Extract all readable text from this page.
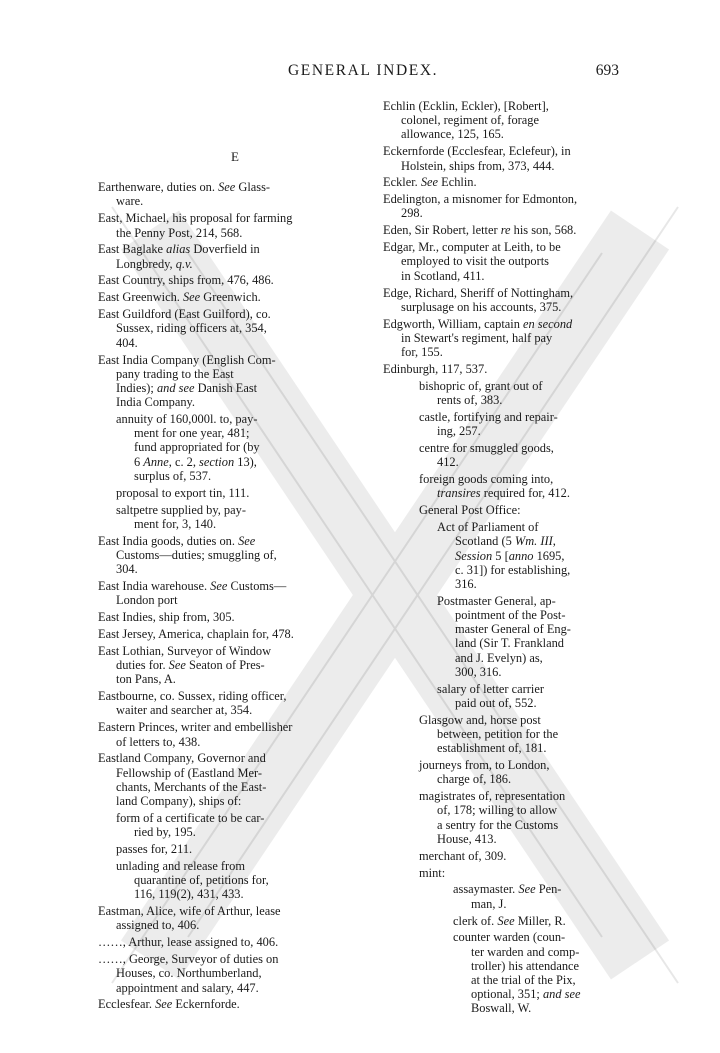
GENERAL INDEX.	693
E

Earthenware, duties on. See Glass-
ware.

East, Michael, his proposal for farming
the Penny Post, 214, 568.

East Baglake alias Doverfield in
Longbredy, q.v.

East Country, ships from, 476, 486.

East Greenwich. See Greenwich.

East Guildford (East Guilford), co.
Sussex, riding officers at, 354,
404.

East India Company (English Com-
pany trading to the East
Indies); and see Danish East
India Company.

annuity of 160,000l. to, pay-
ment for one year, 481;
fund appropriated for (by
6 Anne, c. 2, section 13),
surplus of, 537.

proposal to export tin, 111.

saltpetre supplied by, pay-
ment for, 3, 140.

East India goods, duties on. See
Customs—duties; smuggling of,
304.

East India warehouse. See Customs—
London port

East Indies, ship from, 305.

East Jersey, America, chaplain for, 478.

East Lothian, Surveyor of Window
duties for. See Seaton of Pres-
ton Pans, A.

Eastbourne, co. Sussex, riding officer,
waiter and searcher at, 354.

Eastern Princes, writer and embellisher
of letters to, 438.

Eastland Company, Governor and
Fellowship of (Eastland Mer-
chants, Merchants of the East-
land Company), ships of:

form of a certificate to be car-
ried by, 195.

passes for, 211.

unlading and release from
quarantine of, petitions for,
116, 119(2), 431, 433.

Eastman, Alice, wife of Arthur, lease
assigned to, 406.

……, Arthur, lease assigned to, 406.

……, George, Surveyor of duties on
Houses, co. Northumberland,
appointment and salary, 447.

Ecclesfear. See Eckernforde.

Echlin (Ecklin, Eckler), [Robert],
colonel, regiment of, forage
allowance, 125, 165.

Eckernforde (Ecclesfear, Eclefeur), in
Holstein, ships from, 373, 444.

Eckler. See Echlin.

Edelington, a misnomer for Edmonton,
298.

Eden, Sir Robert, letter re his son, 568.

Edgar, Mr., computer at Leith, to be
employed to visit the outports
in Scotland, 411.

Edge, Richard, Sheriff of Nottingham,
surplusage on his accounts, 375.

Edgworth, William, captain en second
in Stewart's regiment, half pay
for, 155.

Edinburgh, 117, 537.

bishopric of, grant out of
rents of, 383.

castle, fortifying and repair-
ing, 257.

centre for smuggled goods,
412.

foreign goods coming into,
transires required for, 412.

General Post Office:

Act of Parliament of
Scotland (5 Wm. III,
Session 5 [anno 1695,
c. 31]) for establishing,
316.

Postmaster General, ap-
pointment of the Post-
master General of Eng-
land (Sir T. Frankland
and J. Evelyn) as,
300, 316.

salary of letter carrier
paid out of, 552.

Glasgow and, horse post
between, petition for the
establishment of, 181.

journeys from, to London,
charge of, 186.

magistrates of, representation
of, 178; willing to allow
a sentry for the Customs
House, 413.

merchant of, 309.

mint:

assaymaster. See Pen-
man, J.

clerk of. See Miller, R.

counter warden (coun-
ter warden and comp-
troller) his attendance
at the trial of the Pix,
optional, 351; and see
Boswall, W.
